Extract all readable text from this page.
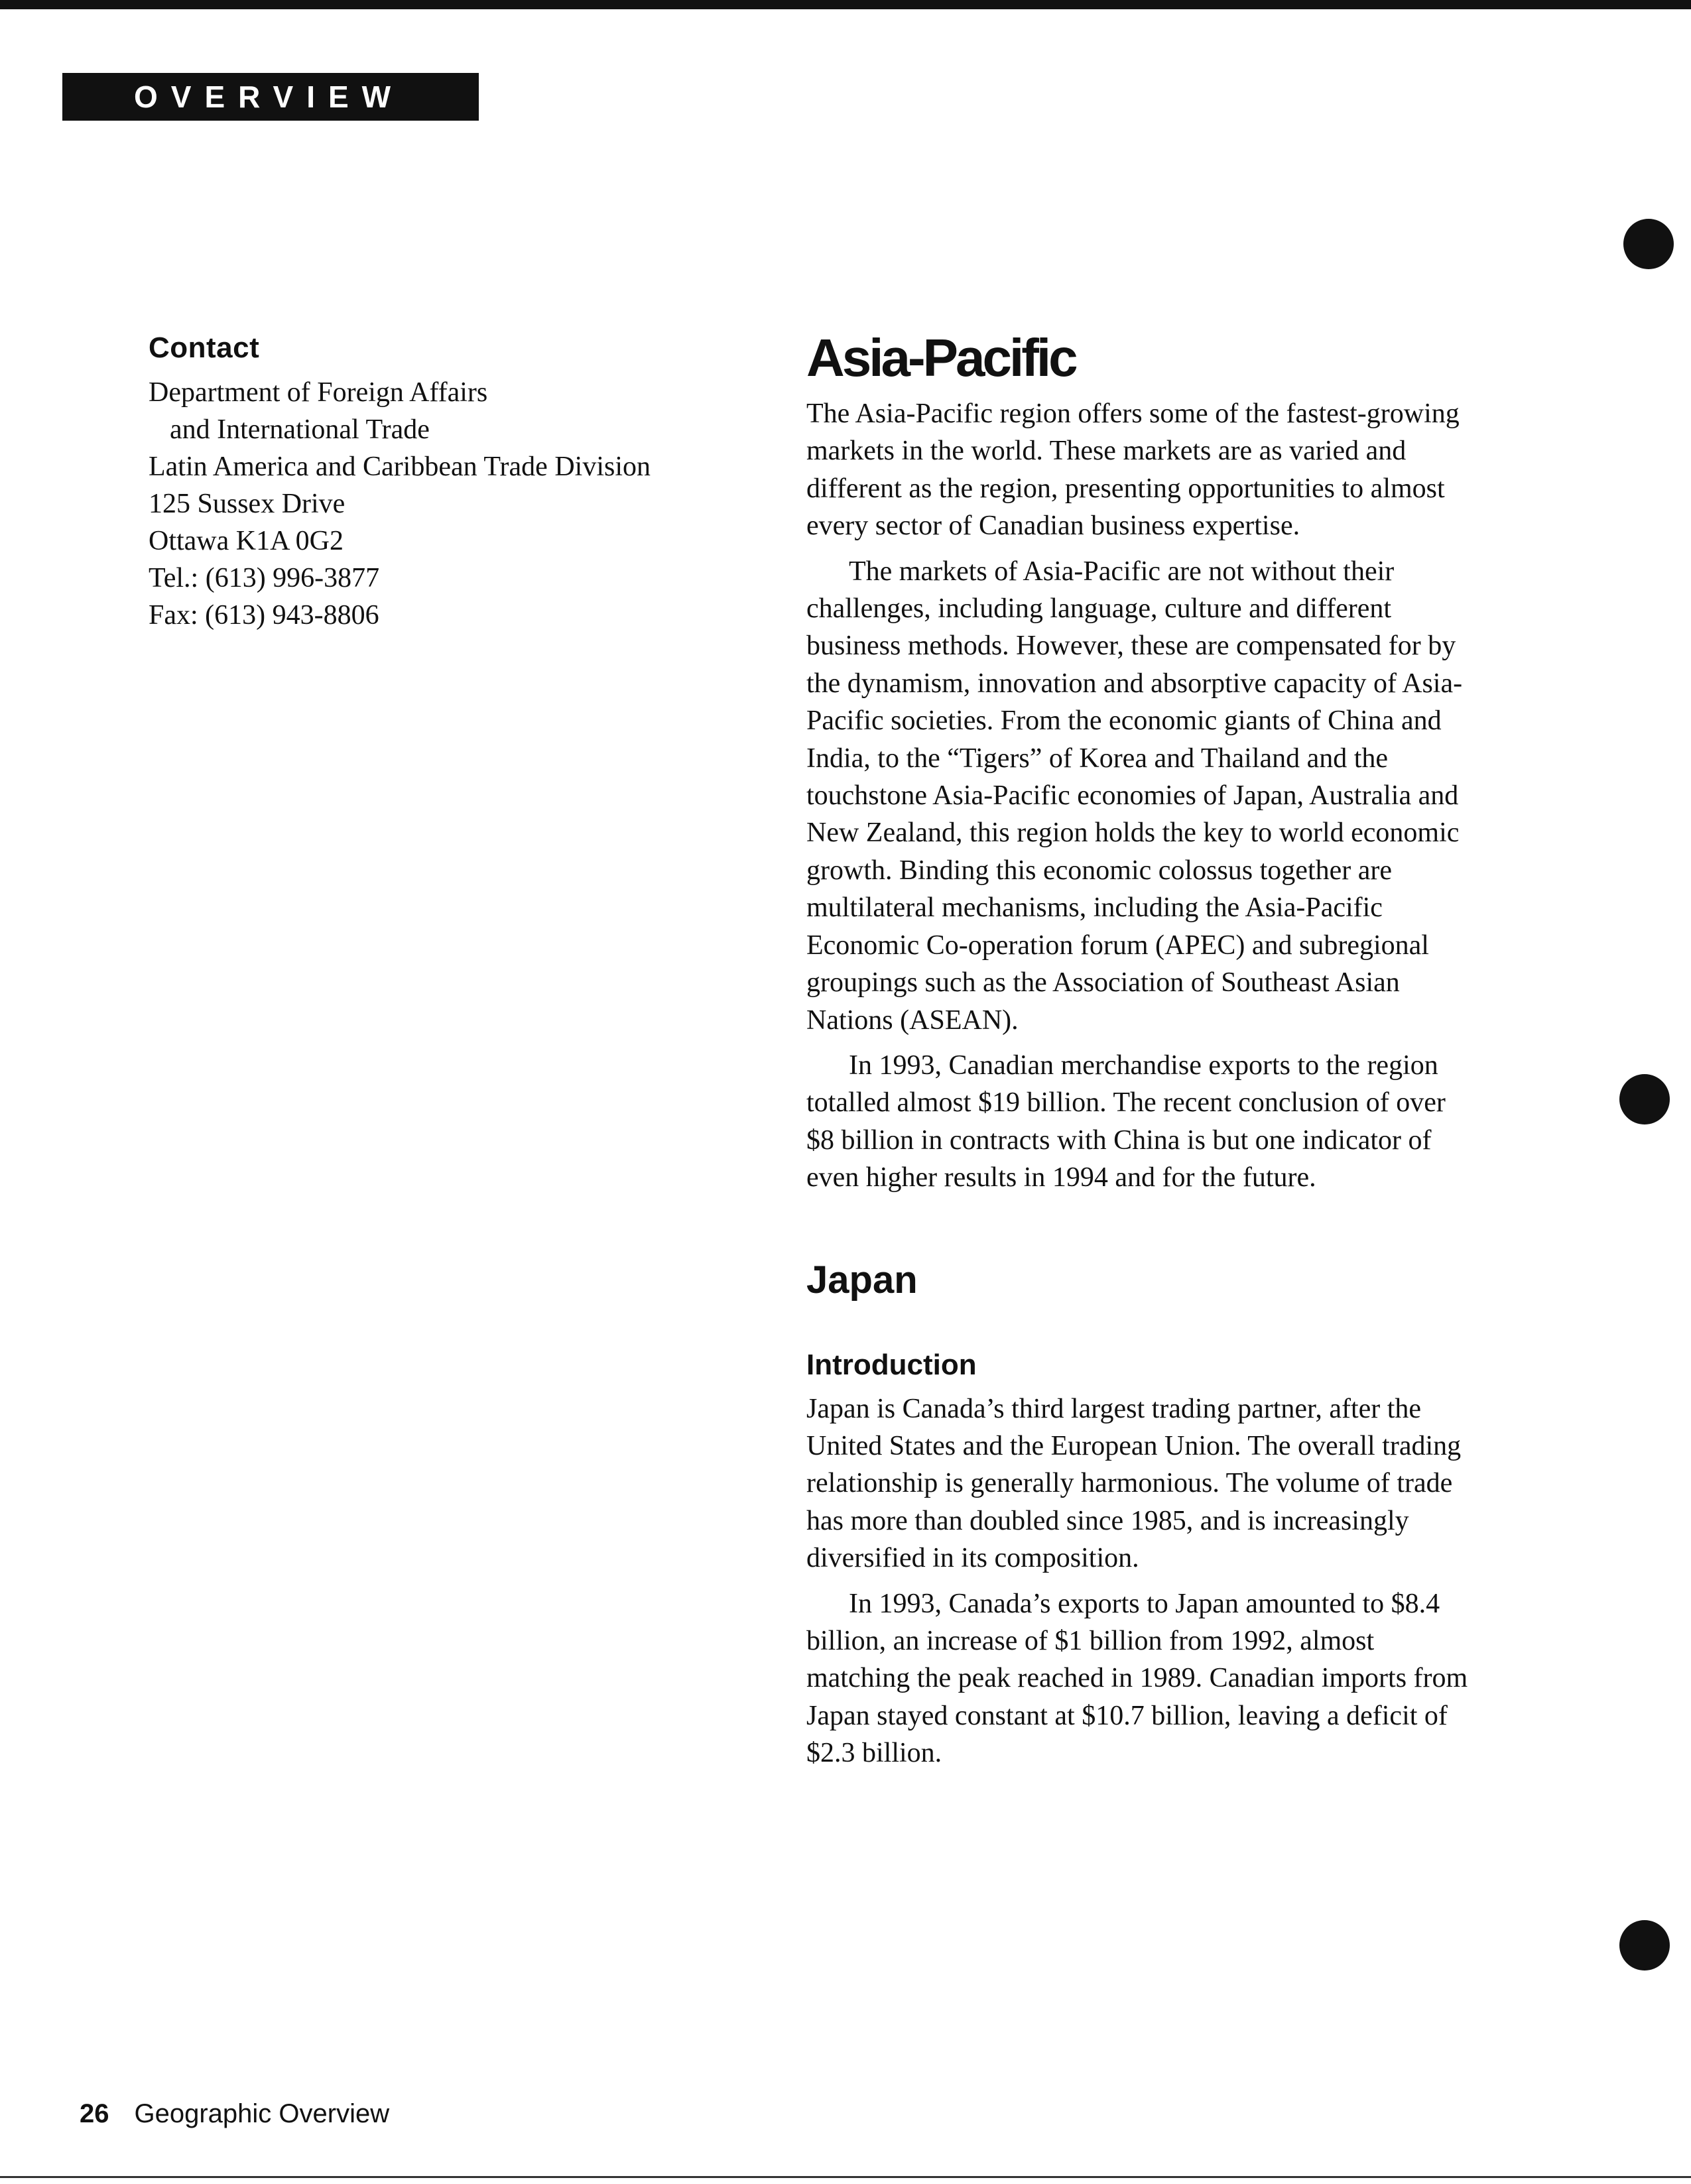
OVERVIEW
Contact
Department of Foreign Affairs
and International Trade
Latin America and Caribbean Trade Division
125 Sussex Drive
Ottawa K1A 0G2
Tel.: (613) 996-3877
Fax: (613) 943-8806
Asia-Pacific

The Asia-Pacific region offers some of the fastest-growing markets in the world. These markets are as varied and different as the region, presenting opportunities to almost every sector of Canadian business expertise.

The markets of Asia-Pacific are not without their challenges, including language, culture and different business methods. However, these are compensated for by the dynamism, innovation and absorptive capacity of Asia-Pacific societies. From the economic giants of China and India, to the “Tigers” of Korea and Thailand and the touchstone Asia-Pacific economies of Japan, Australia and New Zealand, this region holds the key to world economic growth. Binding this economic colossus together are multilateral mechanisms, including the Asia-Pacific Economic Co-operation forum (APEC) and subregional groupings such as the Association of Southeast Asian Nations (ASEAN).

In 1993, Canadian merchandise exports to the region totalled almost $19 billion. The recent conclusion of over $8 billion in contracts with China is but one indicator of even higher results in 1994 and for the future.

Japan
Introduction

Japan is Canada’s third largest trading partner, after the United States and the European Union. The overall trading relationship is generally harmonious. The volume of trade has more than doubled since 1985, and is increasingly diversified in its composition.

In 1993, Canada’s exports to Japan amounted to $8.4 billion, an increase of $1 billion from 1992, almost matching the peak reached in 1989. Canadian imports from Japan stayed constant at $10.7 billion, leaving a deficit of $2.3 billion.

26 Geographic Overview
